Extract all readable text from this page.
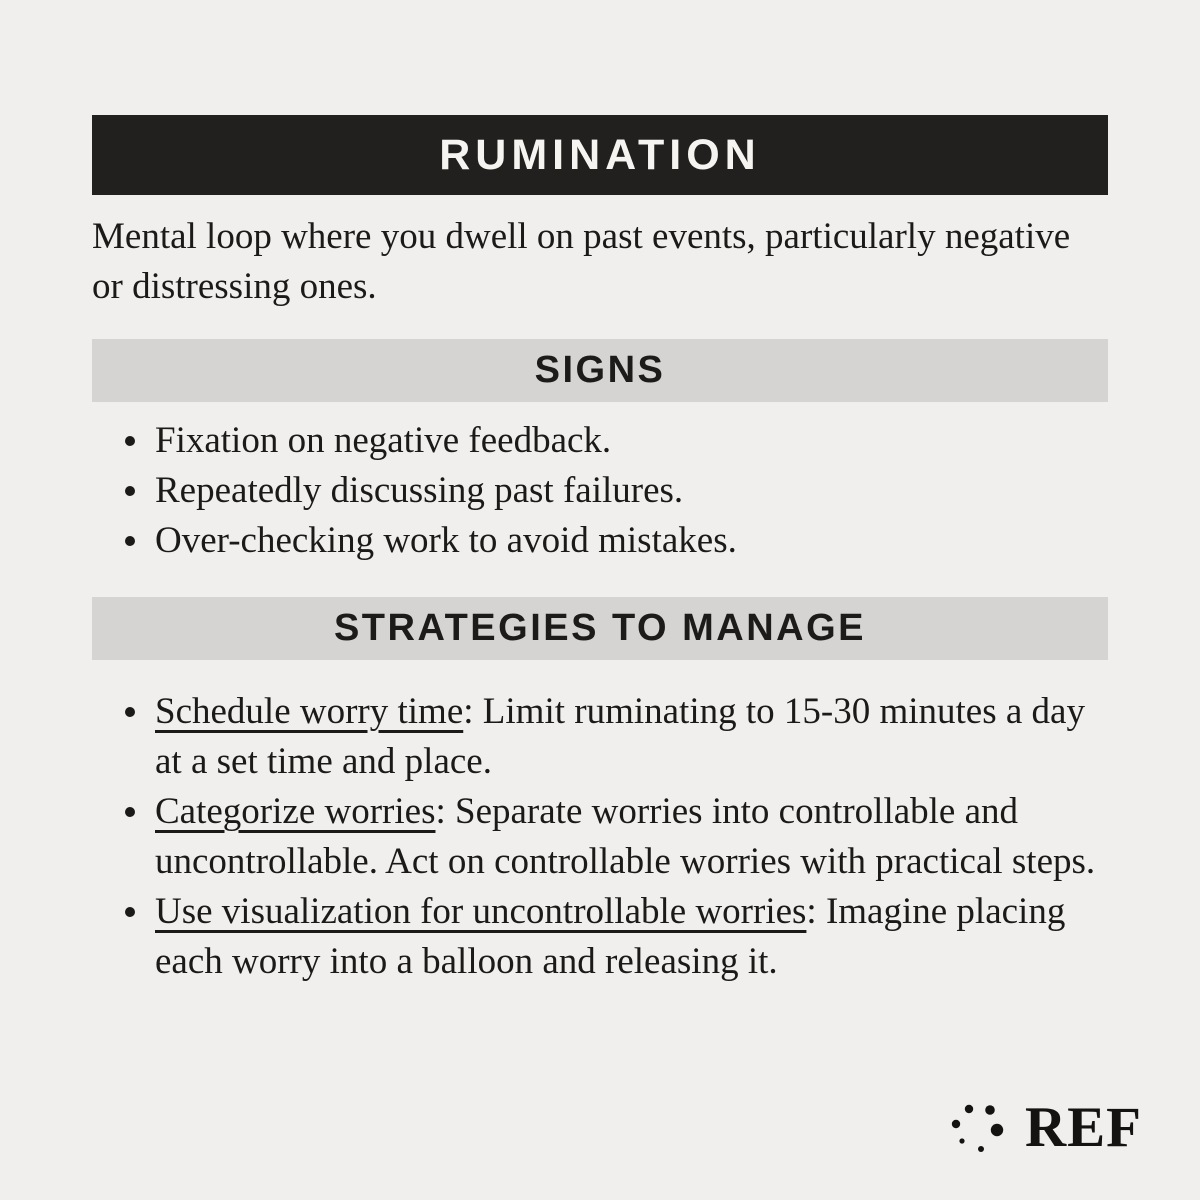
RUMINATION
Mental loop where you dwell on past events, particularly negative or distressing ones.
SIGNS
Fixation on negative feedback.
Repeatedly discussing past failures.
Over-checking work to avoid mistakes.
STRATEGIES TO MANAGE
Schedule worry time: Limit ruminating to 15-30 minutes a day at a set time and place.
Categorize worries: Separate worries into controllable and uncontrollable. Act on controllable worries with practical steps.
Use visualization for uncontrollable worries: Imagine placing each worry into a balloon and releasing it.
REF
